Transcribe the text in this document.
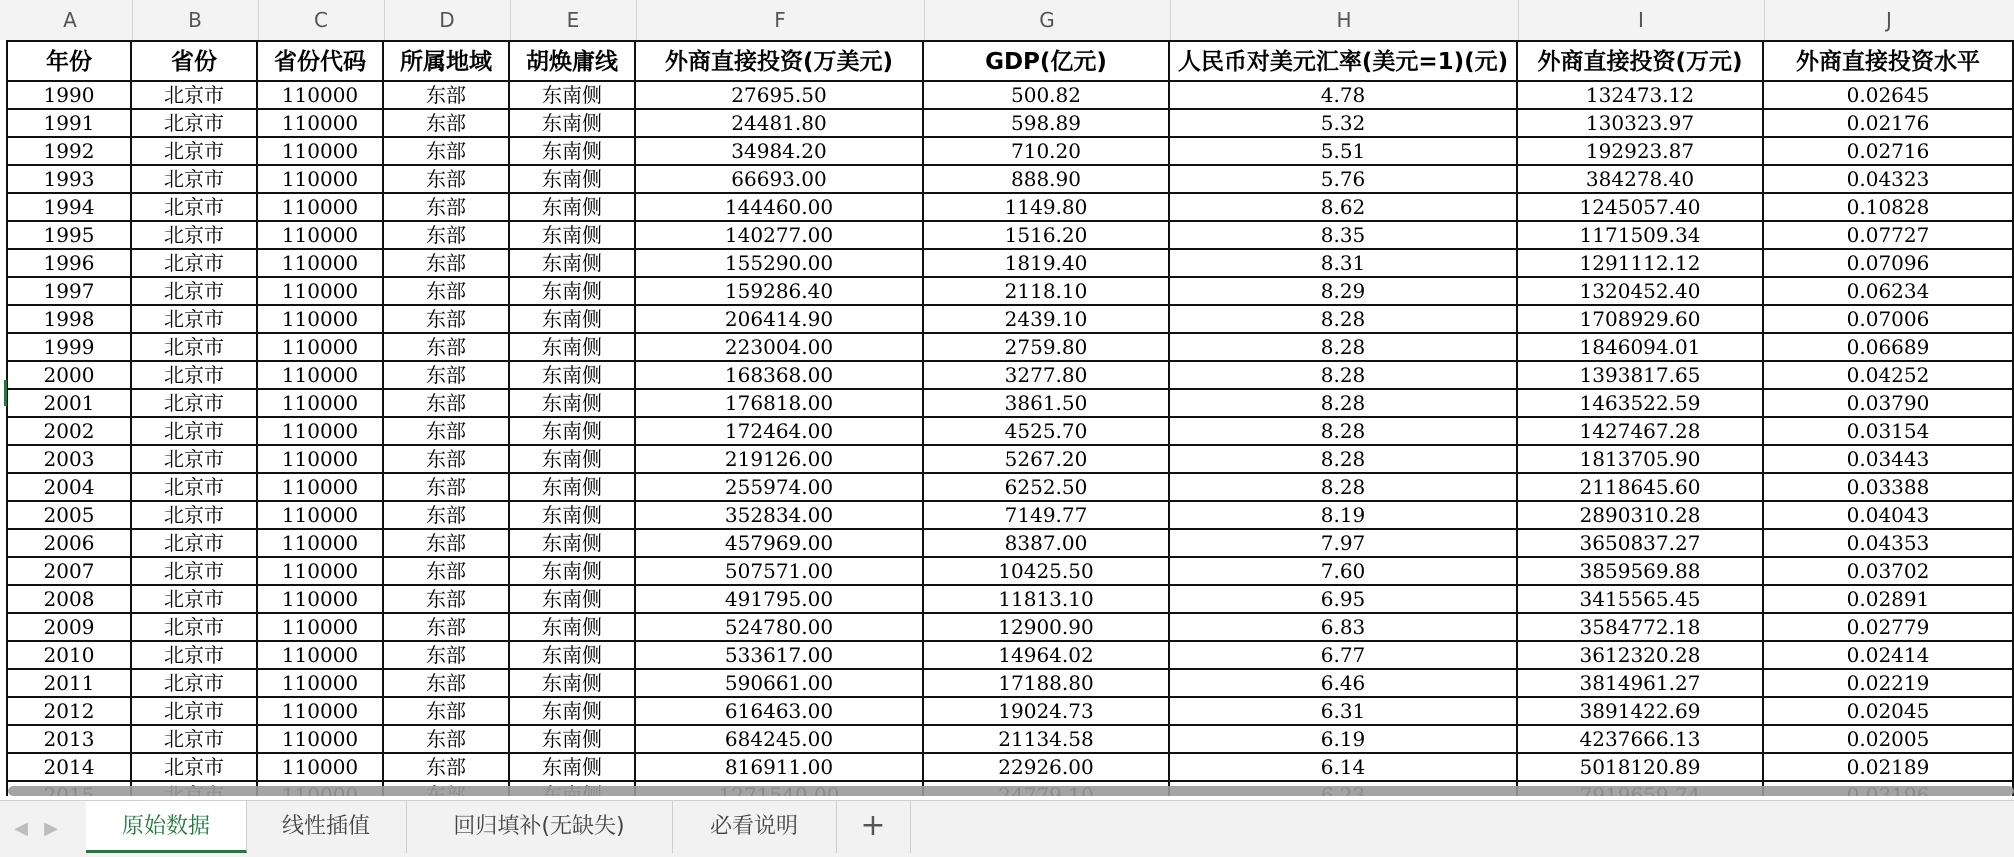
A	B	C	D	E	F	G	H	I	J
年份	省份	省份代码	所属地域	胡焕庸线	外商直接投资(万美元)	GDP(亿元)	人民币对美元汇率(美元=1)(元)	外商直接投资(万元)	外商直接投资水平
1990	北京市	110000	东部	东南侧	27695.50	500.82	4.78	132473.12	0.02645
1991	北京市	110000	东部	东南侧	24481.80	598.89	5.32	130323.97	0.02176
1992	北京市	110000	东部	东南侧	34984.20	710.20	5.51	192923.87	0.02716
1993	北京市	110000	东部	东南侧	66693.00	888.90	5.76	384278.40	0.04323
1994	北京市	110000	东部	东南侧	144460.00	1149.80	8.62	1245057.40	0.10828
1995	北京市	110000	东部	东南侧	140277.00	1516.20	8.35	1171509.34	0.07727
1996	北京市	110000	东部	东南侧	155290.00	1819.40	8.31	1291112.12	0.07096
1997	北京市	110000	东部	东南侧	159286.40	2118.10	8.29	1320452.40	0.06234
1998	北京市	110000	东部	东南侧	206414.90	2439.10	8.28	1708929.60	0.07006
1999	北京市	110000	东部	东南侧	223004.00	2759.80	8.28	1846094.01	0.06689
2000	北京市	110000	东部	东南侧	168368.00	3277.80	8.28	1393817.65	0.04252
2001	北京市	110000	东部	东南侧	176818.00	3861.50	8.28	1463522.59	0.03790
2002	北京市	110000	东部	东南侧	172464.00	4525.70	8.28	1427467.28	0.03154
2003	北京市	110000	东部	东南侧	219126.00	5267.20	8.28	1813705.90	0.03443
2004	北京市	110000	东部	东南侧	255974.00	6252.50	8.28	2118645.60	0.03388
2005	北京市	110000	东部	东南侧	352834.00	7149.77	8.19	2890310.28	0.04043
2006	北京市	110000	东部	东南侧	457969.00	8387.00	7.97	3650837.27	0.04353
2007	北京市	110000	东部	东南侧	507571.00	10425.50	7.60	3859569.88	0.03702
2008	北京市	110000	东部	东南侧	491795.00	11813.10	6.95	3415565.45	0.02891
2009	北京市	110000	东部	东南侧	524780.00	12900.90	6.83	3584772.18	0.02779
2010	北京市	110000	东部	东南侧	533617.00	14964.02	6.77	3612320.28	0.02414
2011	北京市	110000	东部	东南侧	590661.00	17188.80	6.46	3814961.27	0.02219
2012	北京市	110000	东部	东南侧	616463.00	19024.73	6.31	3891422.69	0.02045
2013	北京市	110000	东部	东南侧	684245.00	21134.58	6.19	4237666.13	0.02005
2014	北京市	110000	东部	东南侧	816911.00	22926.00	6.14	5018120.89	0.02189
◀ ▶	原始数据	线性插值	回归填补(无缺失)	必看说明	+
